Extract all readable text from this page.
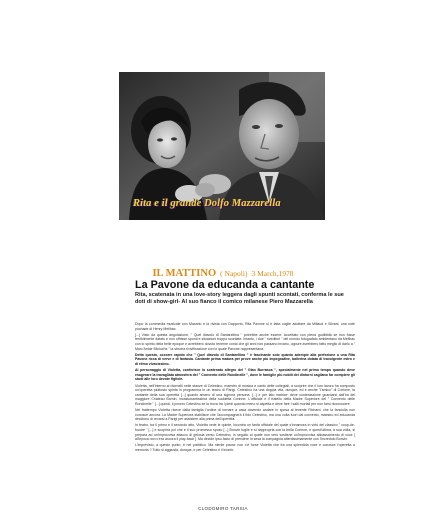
Rita e il grande Dolfo Mazzarella
IL MATTINO ( Napoli) 3 March,1978
La Pavone da educanda a cantante
Rita, scatenata in una love-story leggera dagli spunti scontati, conferma le sue doti di show-girl- Al suo fianco il comico milanese Piero Mazzarella

Dopo la commedia musicale con Macario e la rivista con Dapporto, Rita Pavone si è fatta coglie adottare da Millaud e Silvani, una note pochade di Henry Meilhac.

[...] Visto da questa angolazione, " Quel diavolo di Santarellina " potrebbe anche essere. Accettato con piena godibilità se non fosse terribilmente datato e non offrisse spunti e situazioni troppo scontate. Intanto, i due " riveditori " del mondo fotografato ambientano da Mellhac con lo spirito della belle epoque e avrebbero dovuto tenerne conto che gli anni non passano invano, oppure avrebbero fatto meglio di darlo a " Marc'Antoir Bliciuchs " la sbrotra rivivificazione con lo quale Pavone rappresentava.

Detto questo, occorre rapido che " Quel diavolo di Santarellina " è fascinante solo quanto adempie alla perfezione a una Rita Pavone ricca di verve e di fantasia. Cantante prima matura per prove anche più impegnative, ballerina dotata di travolgente estro e di ritmo vivacissimo.

Al personaggio di Violetta, conferisce lo scatenato allegro del " Gian Burrasca ", specialmente nel primo tempo quando deve esagerare la travagliata atmosfera del " Convento delle Rondinelle ", dove le famiglie più nobili dei dintorni cagliano far compiere gli studi alle loro devote figliole.

Violetta, nell'interno ai ritornelli nelle stanze di Celestino, maestro di musica e canto delle collegiali, a scoprire che il loro lavoro ha composto un'operetta piuttosto spinta in programma in un teatro di Parigi. Celestino ha una doppia vita, dunque, ed è anche "l'amico" di Corinne, la cantante della sua operetta [...] quanto ameno di una signora persona. [...] e per lato matrice: deve contestazione guardarsi dall'ira del maggiore Chateau Bornin, incastonantissima della suddetta Corinne. L'ufficiale è il fratello della Madre Superiore del " Convento delle Rondinelle " [...] quindi, il povero Celestino se la trova fra i piedi quando meno si aspetta e deve fare i salti mortali per non farsi riconoscere.

Nel frattempo Violetta riceve dalla famiglia l'ordine di tornare a casa dovendo andare in sposa al tenente Richard, che la fanciulla non conosce ancora. La Madre Superiora stabilisce che l'accompagnerà il fido Celestino, ma una volta fuori dal convento, maestro ed educanda decidono di recarsi a Parigi per assistere alla prima dell'operetta.

In teatro, tra il primo e il secondo atto, Violetta vede le quinte, incontra un fanfa ufficiale del quale s'innamora in virtù del classico " coup-de-foudre " [...] e scoprirà poi che è il suo promesso sposo [...] Bonvin toglie e si riappropria con la bella Corinne, e quest'ultima, a sua volta, si prepara ad un'improvvisa attacco di gelosia verso Celestino, in seguito al quale non vero sostiene un'improvvisa abbassamento di voce [ all'epoca non c'era ancora il play-back ]. Ma decide ipso-facto di prendere in sesa la compagnia attentissimamente con l'incredulo Bonvin.

L'imprevisto, a questo punto, è nel pubblico. Ma niente paura: non c'è forse Violetta che fra una splendida voce e conosce l'operetta a memoria ? Tutto si aggiusta, dunque, e per Celestino è il trionfo.

CLODOMIRO TARSIA
